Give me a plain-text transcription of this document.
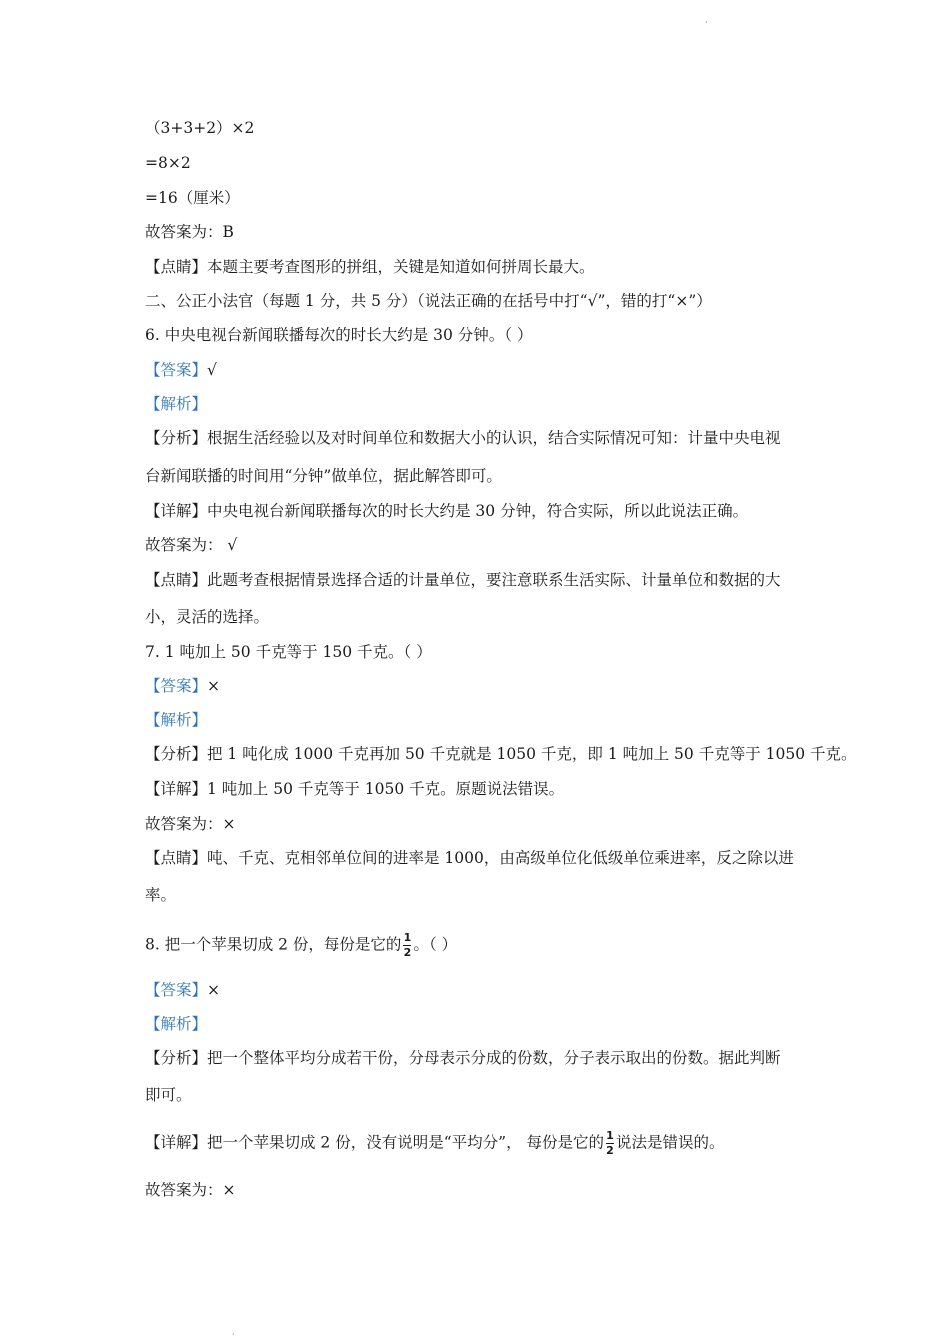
·
（3+3+2）×2
=8×2
=16（厘米）
故答案为：B
【点睛】本题主要考查图形的拼组，关键是知道如何拼周长最大。
二、公正小法官（每题 1 分，共 5 分）（说法正确的在括号中打“√”，错的打“×”）
6. 中央电视台新闻联播每次的时长大约是 30 分钟。（ ）
【答案】√
【解析】
【分析】根据生活经验以及对时间单位和数据大小的认识，结合实际情况可知：计量中央电视
台新闻联播的时间用“分钟”做单位，据此解答即可。
【详解】中央电视台新闻联播每次的时长大约是 30 分钟，符合实际，所以此说法正确。
故答案为： √
【点睛】此题考查根据情景选择合适的计量单位，要注意联系生活实际、计量单位和数据的大
小，灵活的选择。
7. 1 吨加上 50 千克等于 150 千克。（ ）
【答案】×
【解析】
【分析】把 1 吨化成 1000 千克再加 50 千克就是 1050 千克，即 1 吨加上 50 千克等于 1050 千克。
【详解】1 吨加上 50 千克等于 1050 千克。原题说法错误。
故答案为：×
【点睛】吨、千克、克相邻单位间的进率是 1000，由高级单位化低级单位乘进率，反之除以进
率。
8. 把一个苹果切成 2 份，每份是它的 $\frac{1}{2}$ 。（ ）
【答案】×
【解析】
【分析】把一个整体平均分成若干份，分母表示分成的份数，分子表示取出的份数。据此判断
即可。
【详解】把一个苹果切成 2 份，没有说明是“平均分”， 每份是它的 $\frac{1}{2}$ 说法是错误的。
故答案为：×
·
